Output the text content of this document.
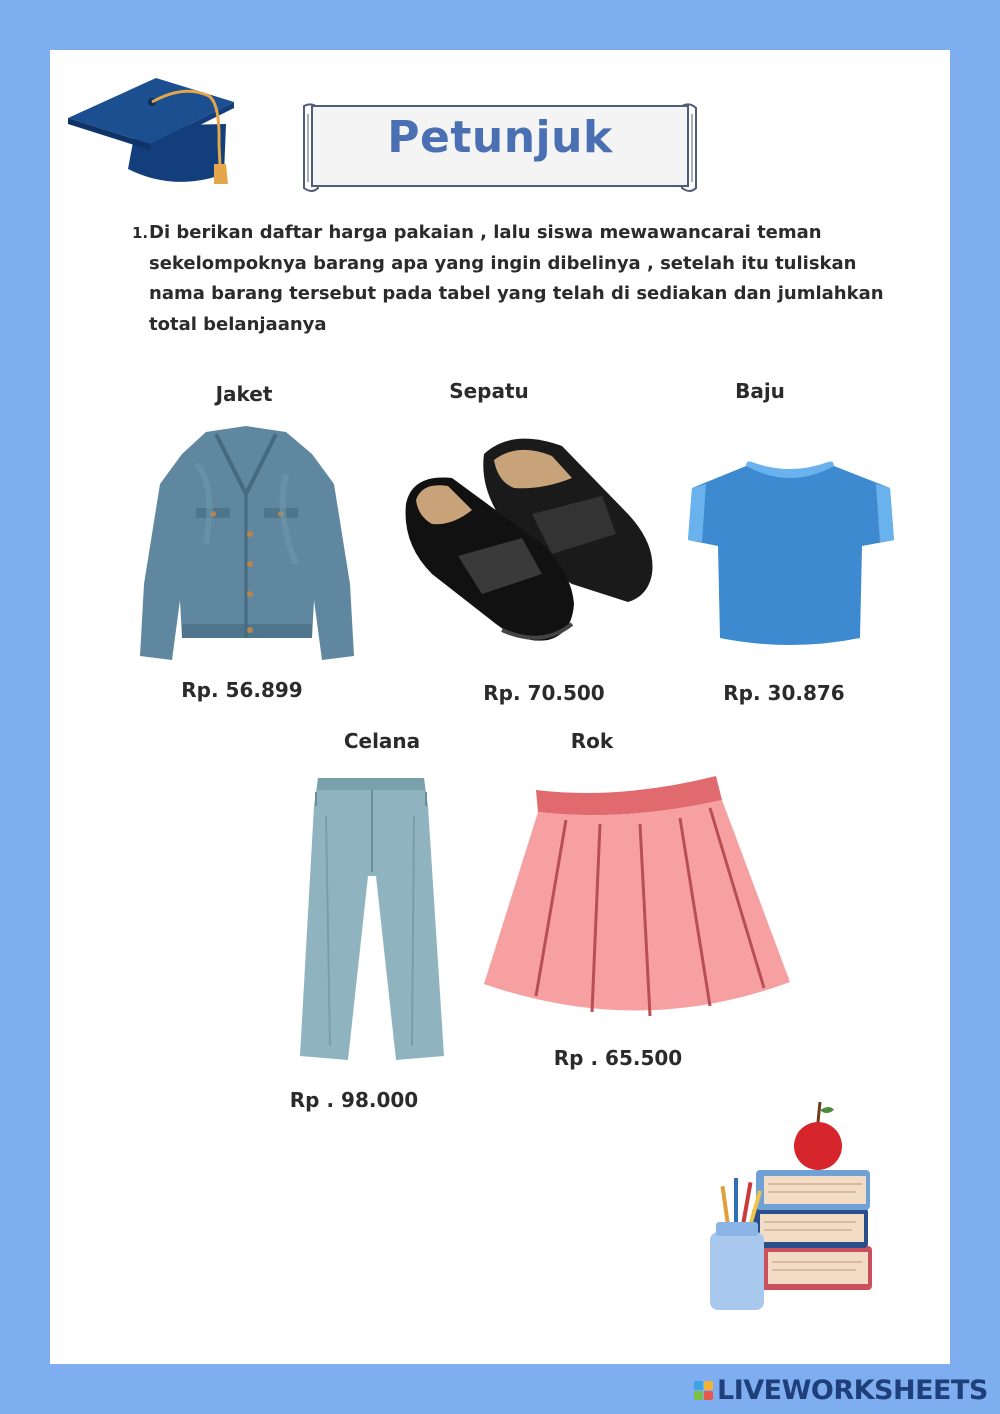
Petunjuk
1. Di berikan daftar harga pakaian , lalu siswa mewawancarai teman sekelompoknya barang apa yang ingin dibelinya , setelah itu tuliskan nama barang tersebut pada tabel yang telah di sediakan dan jumlahkan total belanjaanya
Jaket	Sepatu	Baju
Celana	Rok
Rp. 56.899	Rp. 70.500	Rp. 30.876
Rp . 98.000
Rp . 65.500
LIVEWORKSHEETS
